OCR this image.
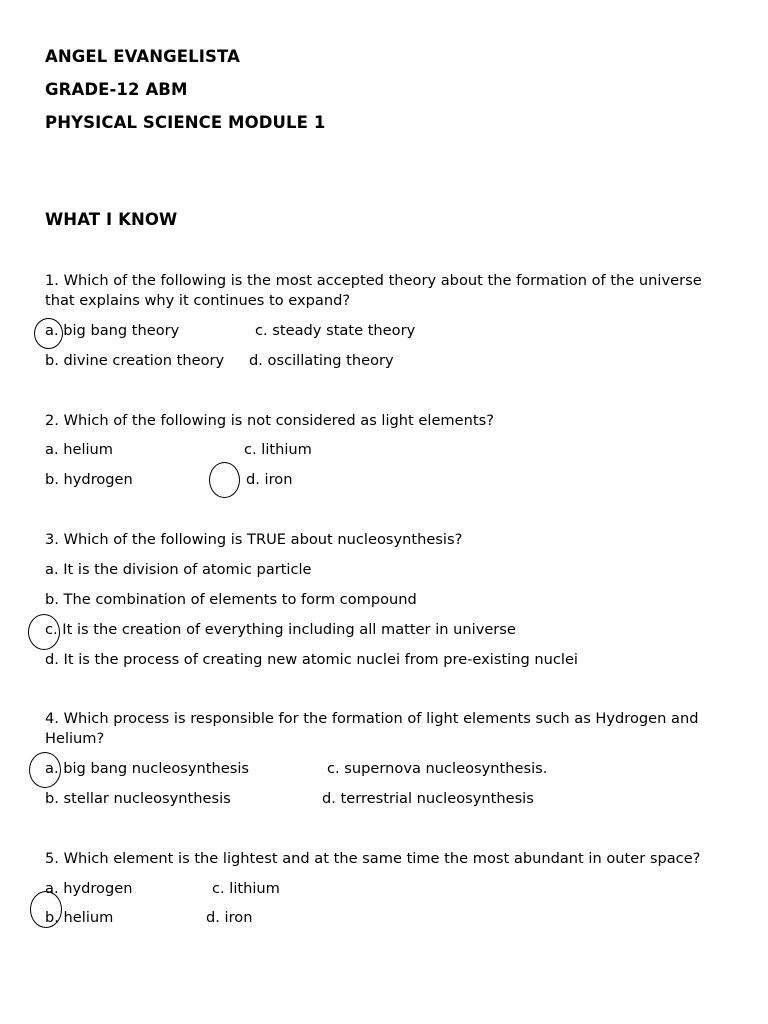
ANGEL EVANGELISTA
GRADE-12 ABM
PHYSICAL SCIENCE MODULE 1
WHAT I KNOW
1. Which of the following is the most accepted theory about the formation of the universe that explains why it continues to expand?
a. big bang theory	c. steady state theory
b. divine creation theory d. oscillating theory
2. Which of the following is not considered as light elements?
a. helium	c. lithium
b. hydrogen	d. iron
3. Which of the following is TRUE about nucleosynthesis?
a. It is the division of atomic particle
b. The combination of elements to form compound
c. It is the creation of everything including all matter in universe
d. It is the process of creating new atomic nuclei from pre-existing nuclei
4. Which process is responsible for the formation of light elements such as Hydrogen and Helium?
a. big bang nucleosynthesis	c. supernova nucleosynthesis.
b. stellar nucleosynthesis	d. terrestrial nucleosynthesis
5. Which element is the lightest and at the same time the most abundant in outer space?
a. hydrogen	c. lithium
b. helium	d. iron
